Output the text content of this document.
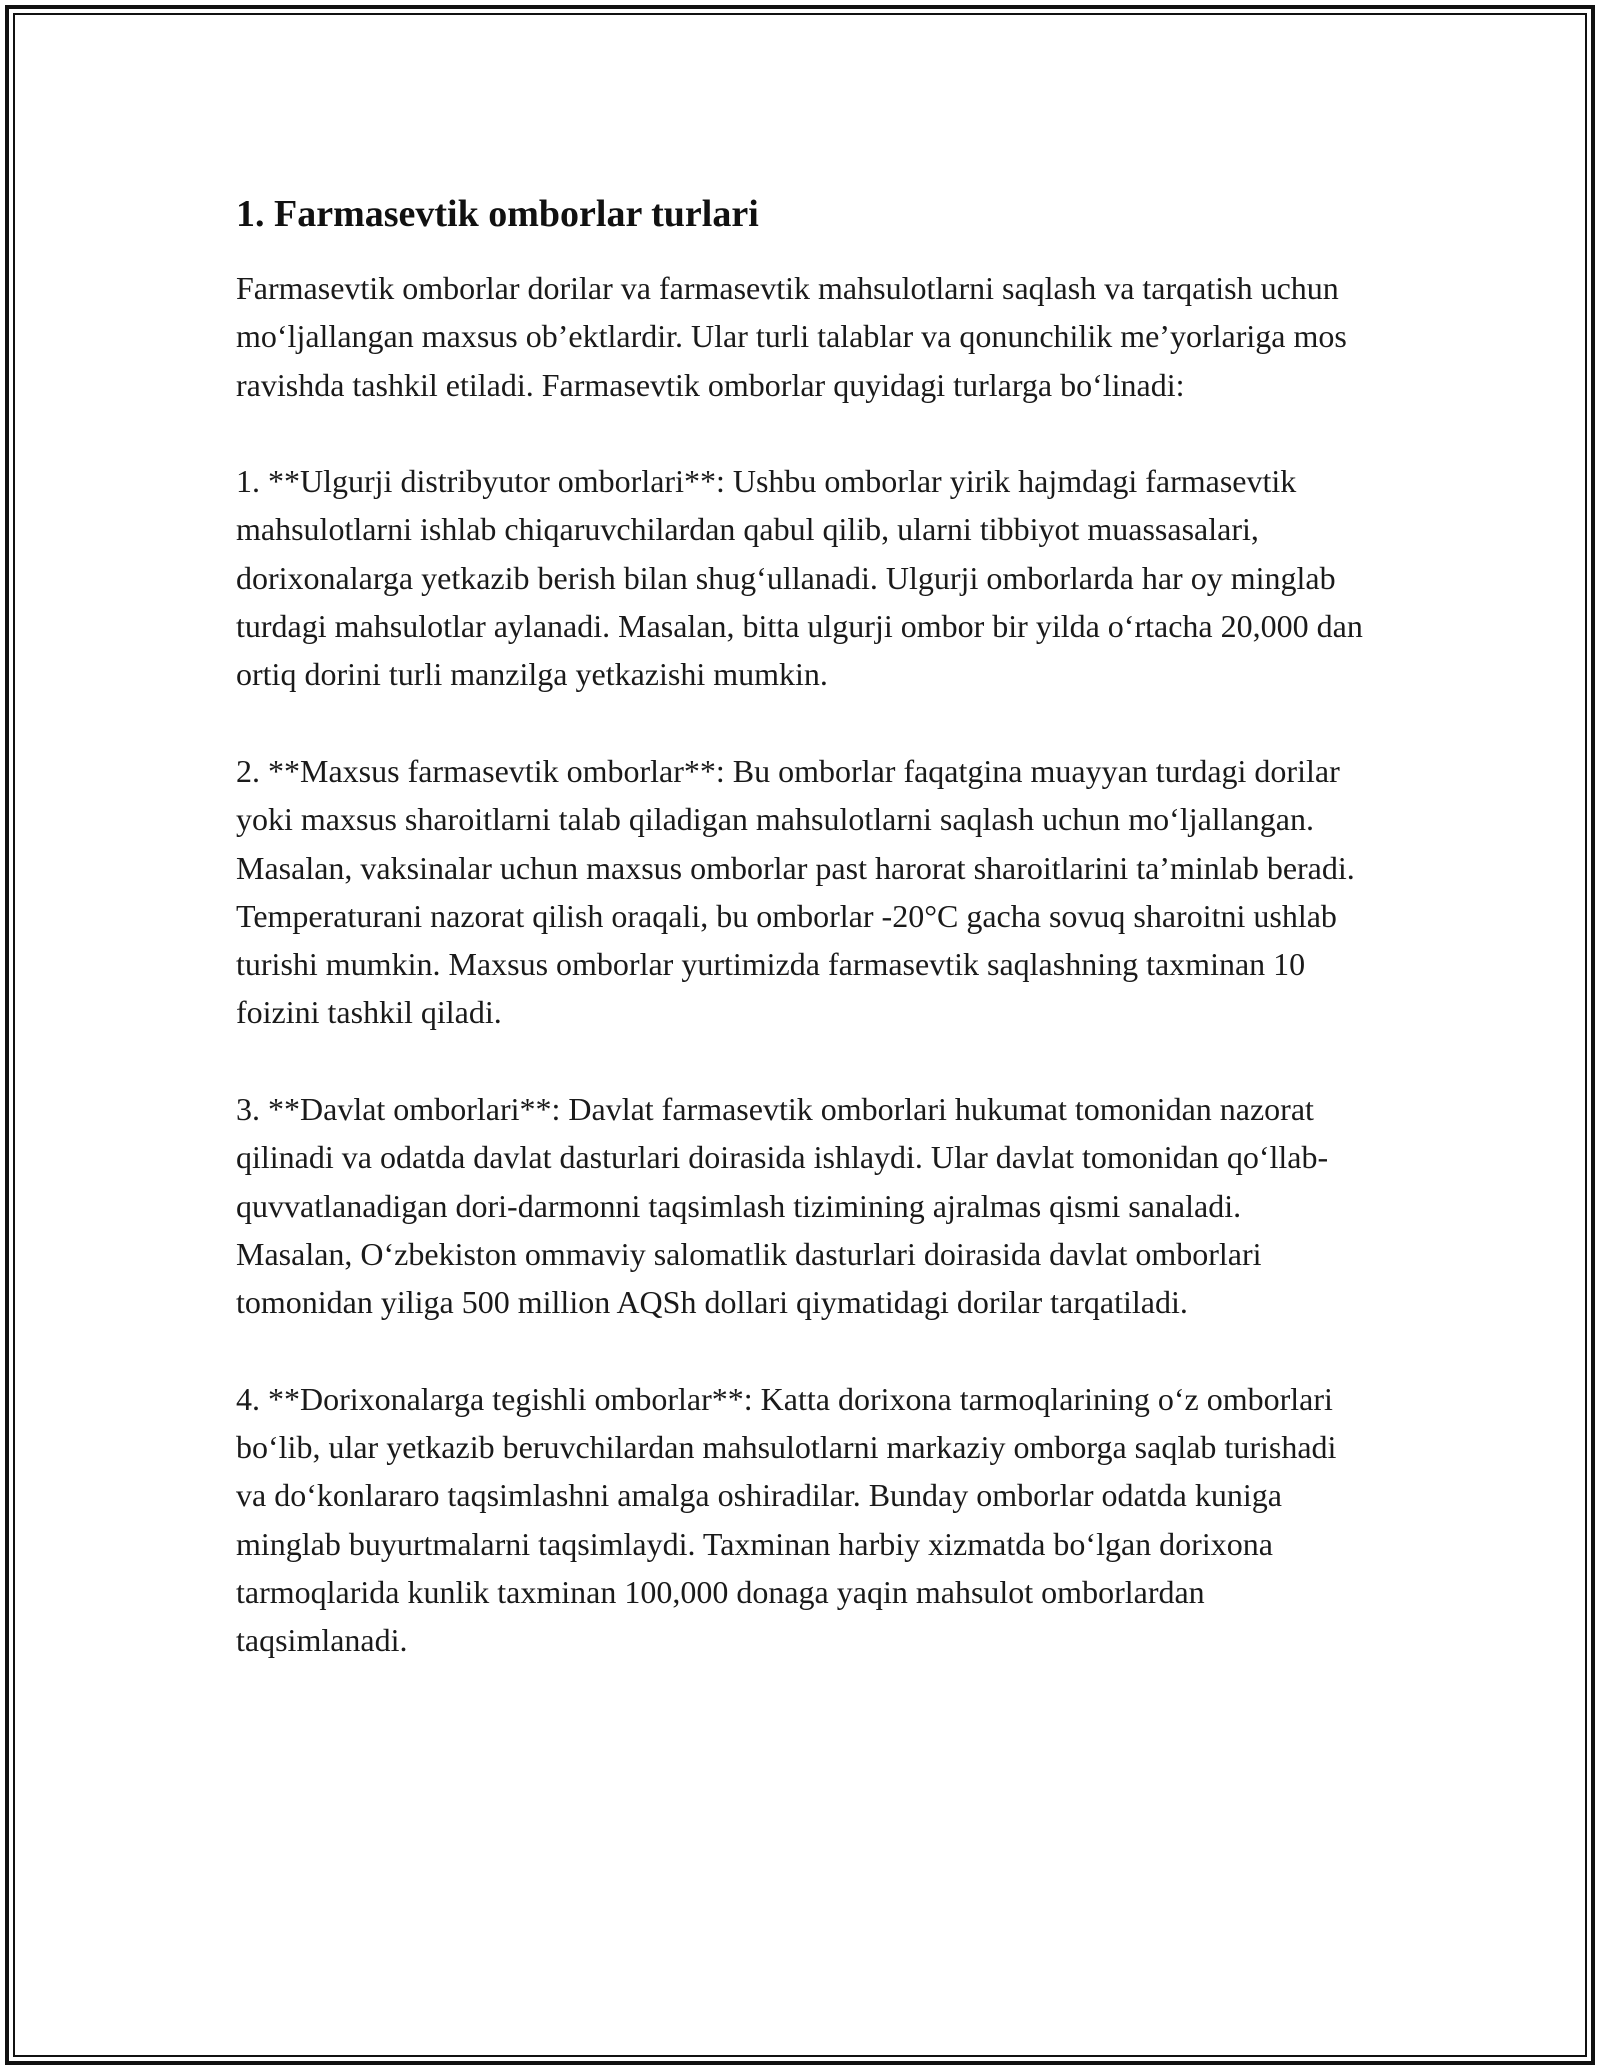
1. Farmasevtik omborlar turlari

Farmasevtik omborlar dorilar va farmasevtik mahsulotlarni saqlash va tarqatish uchun mo‘ljallangan maxsus ob’ektlardir. Ular turli talablar va qonunchilik me’yorlariga mos ravishda tashkil etiladi. Farmasevtik omborlar quyidagi turlarga bo‘linadi:

1. **Ulgurji distribyutor omborlari**: Ushbu omborlar yirik hajmdagi farmasevtik mahsulotlarni ishlab chiqaruvchilardan qabul qilib, ularni tibbiyot muassasalari, dorixonalarga yetkazib berish bilan shug‘ullanadi. Ulgurji omborlarda har oy minglab turdagi mahsulotlar aylanadi. Masalan, bitta ulgurji ombor bir yilda o‘rtacha 20,000 dan ortiq dorini turli manzilga yetkazishi mumkin.

2. **Maxsus farmasevtik omborlar**: Bu omborlar faqatgina muayyan turdagi dorilar yoki maxsus sharoitlarni talab qiladigan mahsulotlarni saqlash uchun mo‘ljallangan. Masalan, vaksinalar uchun maxsus omborlar past harorat sharoitlarini ta’minlab beradi. Temperaturani nazorat qilish oraqali, bu omborlar -20°C gacha sovuq sharoitni ushlab turishi mumkin. Maxsus omborlar yurtimizda farmasevtik saqlashning taxminan 10 foizini tashkil qiladi.

3. **Davlat omborlari**: Davlat farmasevtik omborlari hukumat tomonidan nazorat qilinadi va odatda davlat dasturlari doirasida ishlaydi. Ular davlat tomonidan qo‘llab-quvvatlanadigan dori-darmonni taqsimlash tizimining ajralmas qismi sanaladi. Masalan, O‘zbekiston ommaviy salomatlik dasturlari doirasida davlat omborlari tomonidan yiliga 500 million AQSh dollari qiymatidagi dorilar tarqatiladi.

4. **Dorixonalarga tegishli omborlar**: Katta dorixona tarmoqlarining o‘z omborlari bo‘lib, ular yetkazib beruvchilardan mahsulotlarni markaziy omborga saqlab turishadi va do‘konlararo taqsimlashni amalga oshiradilar. Bunday omborlar odatda kuniga minglab buyurtmalarni taqsimlaydi. Taxminan harbiy xizmatda bo‘lgan dorixona tarmoqlarida kunlik taxminan 100,000 donaga yaqin mahsulot omborlardan taqsimlanadi.
